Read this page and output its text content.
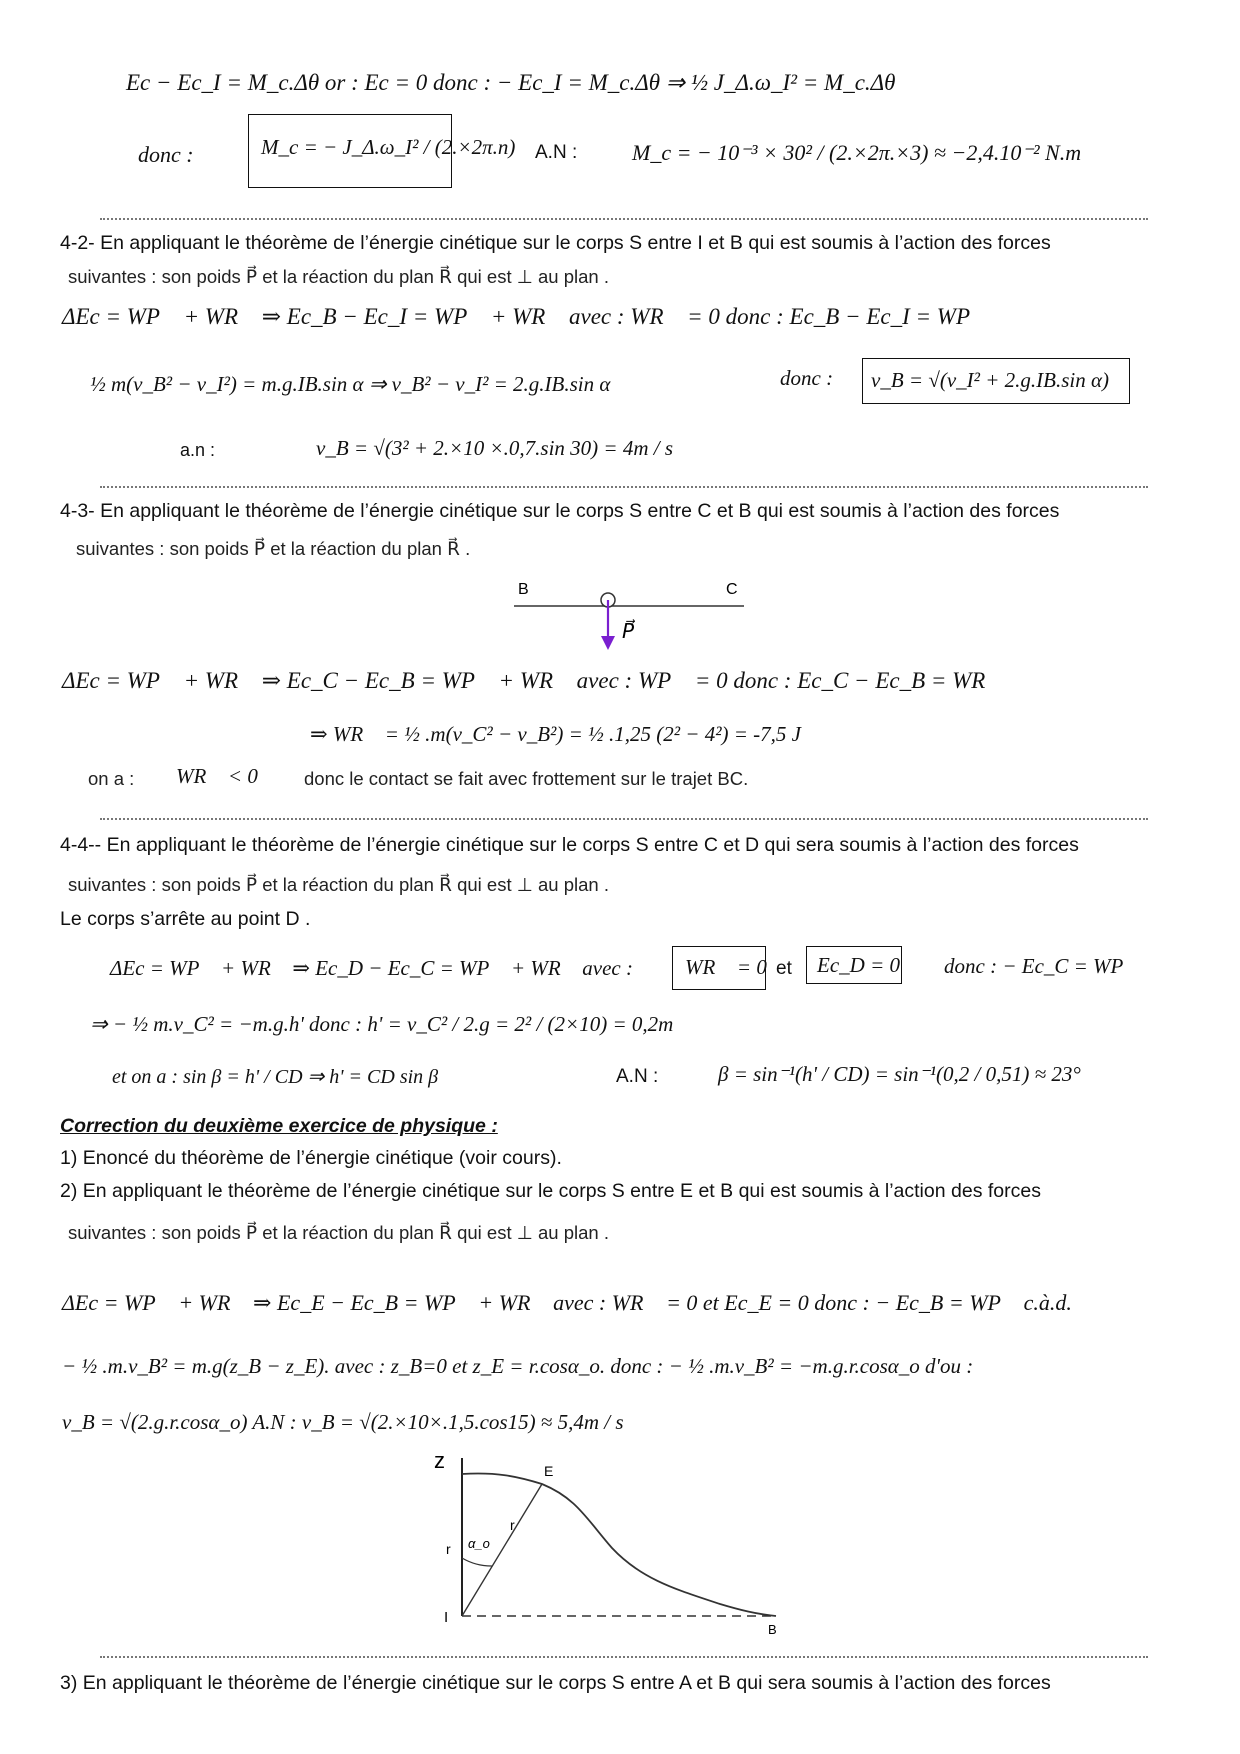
Ec − Ec_I = M_c.Δθ or : Ec = 0 donc : − Ec_I = M_c.Δθ ⇒ ½ J_Δ.ω_I² = M_c.Δθ
donc :	M_c = − J_Δ.ω_I² / (2.×2π.n) A.N : M_c = − 10⁻³ × 30² / (2.×2π.×3) ≈ −2,4.10⁻² N.m
4-2- En appliquant le théorème de l’énergie cinétique sur le corps S entre I et B qui est soumis à l’action des forces
suivantes : son poids P⃗ et la réaction du plan R⃗ qui est ⊥ au plan .
ΔEc = WP⃗ + WR⃗ ⇒ Ec_B − Ec_I = WP⃗ + WR⃗ avec : WR⃗ = 0 donc : Ec_B − Ec_I = WP⃗
½ m(v_B² − v_I²) = m.g.IB.sin α ⇒ v_B² − v_I² = 2.g.IB.sin α	donc : v_B = √(v_I² + 2.g.IB.sin α)
a.n :	v_B = √(3² + 2.×10 ×.0,7.sin 30) = 4m / s
4-3- En appliquant le théorème de l’énergie cinétique sur le corps S entre C et B qui est soumis à l’action des forces
suivantes : son poids P⃗ et la réaction du plan R⃗ .
B	C
P⃗
ΔEc = WP⃗ + WR⃗ ⇒ Ec_C − Ec_B = WP⃗ + WR⃗ avec : WP⃗ = 0 donc : Ec_C − Ec_B = WR⃗
⇒ WR⃗ = ½ .m(v_C² − v_B²) = ½ .1,25 (2² − 4²) = -7,5 J
on a : WR⃗ < 0 donc le contact se fait avec frottement sur le trajet BC.
4-4-- En appliquant le théorème de l’énergie cinétique sur le corps S entre C et D qui sera soumis à l’action des forces
suivantes : son poids P⃗ et la réaction du plan R⃗ qui est ⊥ au plan .
Le corps s’arrête au point D .
ΔEc = WP⃗ + WR⃗ ⇒ Ec_D − Ec_C = WP⃗ + WR⃗ avec : WR⃗ = 0 et Ec_D = 0 donc : − Ec_C = WP⃗
⇒ − ½ m.v_C² = −m.g.h' donc : h' = v_C² / 2.g = 2² / (2×10) = 0,2m
et on a : sin β = h' / CD ⇒ h' = CD sin β	A.N :	β = sin⁻¹(h' / CD) = sin⁻¹(0,2 / 0,51) ≈ 23°
Correction du deuxième exercice de physique :
1) Enoncé du théorème de l’énergie cinétique (voir cours).
2) En appliquant le théorème de l’énergie cinétique sur le corps S entre E et B qui est soumis à l’action des forces
suivantes : son poids P⃗ et la réaction du plan R⃗ qui est ⊥ au plan .
ΔEc = WP⃗ + WR⃗ ⇒ Ec_E − Ec_B = WP⃗ + WR⃗ avec : WR⃗ = 0 et Ec_E = 0 donc : − Ec_B = WP⃗ c.à.d.
− ½ .m.v_B² = m.g(z_B − z_E). avec : z_B=0 et z_E = r.cosα_o. donc : − ½ .m.v_B² = −m.g.r.cosα_o d'ou :
v_B = √(2.g.r.cosα_o) A.N : v_B = √(2.×10×.1,5.cos15) ≈ 5,4m / s
z	E
r
r
α_o
I
B
3) En appliquant le théorème de l’énergie cinétique sur le corps S entre A et B qui sera soumis à l’action des forces
